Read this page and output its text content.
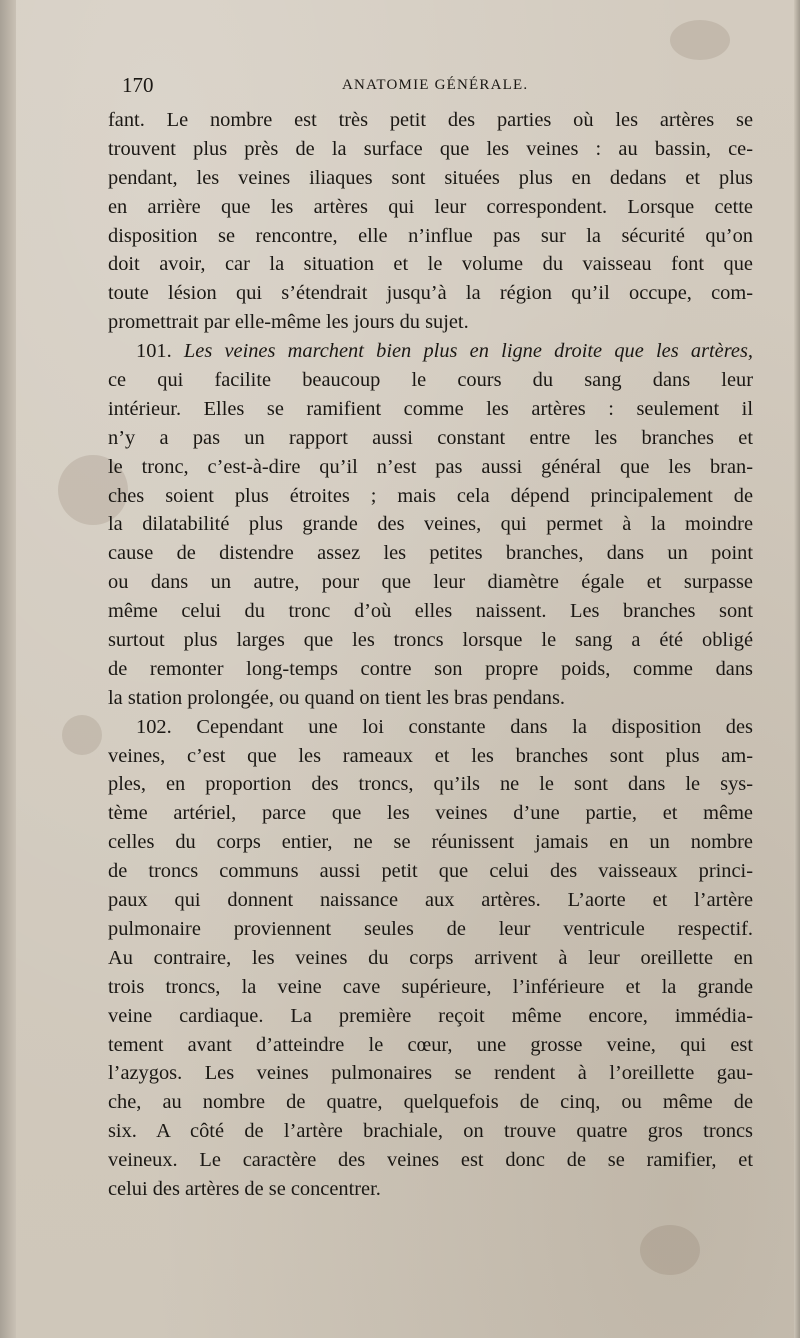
170	ANATOMIE GÉNÉRALE.
fant. Le nombre est très petit des parties où les artères se
trouvent plus près de la surface que les veines : au bassin, ce-
pendant, les veines iliaques sont situées plus en dedans et plus
en arrière que les artères qui leur correspondent. Lorsque cette
disposition se rencontre, elle n’influe pas sur la sécurité qu’on
doit avoir, car la situation et le volume du vaisseau font que
toute lésion qui s’étendrait jusqu’à la région qu’il occupe, com-
promettrait par elle-même les jours du sujet.
101. Les veines marchent bien plus en ligne droite que les artères,
ce qui facilite beaucoup le cours du sang dans leur
intérieur. Elles se ramifient comme les artères : seulement il
n’y a pas un rapport aussi constant entre les branches et
le tronc, c’est-à-dire qu’il n’est pas aussi général que les bran-
ches soient plus étroites ; mais cela dépend principalement de
la dilatabilité plus grande des veines, qui permet à la moindre
cause de distendre assez les petites branches, dans un point
ou dans un autre, pour que leur diamètre égale et surpasse
même celui du tronc d’où elles naissent. Les branches sont
surtout plus larges que les troncs lorsque le sang a été obligé
de remonter long-temps contre son propre poids, comme dans
la station prolongée, ou quand on tient les bras pendans.
102. Cependant une loi constante dans la disposition des
veines, c’est que les rameaux et les branches sont plus am-
ples, en proportion des troncs, qu’ils ne le sont dans le sys-
tème artériel, parce que les veines d’une partie, et même
celles du corps entier, ne se réunissent jamais en un nombre
de troncs communs aussi petit que celui des vaisseaux princi-
paux qui donnent naissance aux artères. L’aorte et l’artère
pulmonaire proviennent seules de leur ventricule respectif.
Au contraire, les veines du corps arrivent à leur oreillette en
trois troncs, la veine cave supérieure, l’inférieure et la grande
veine cardiaque. La première reçoit même encore, immédia-
tement avant d’atteindre le cœur, une grosse veine, qui est
l’azygos. Les veines pulmonaires se rendent à l’oreillette gau-
che, au nombre de quatre, quelquefois de cinq, ou même de
six. A côté de l’artère brachiale, on trouve quatre gros troncs
veineux. Le caractère des veines est donc de se ramifier, et
celui des artères de se concentrer.
